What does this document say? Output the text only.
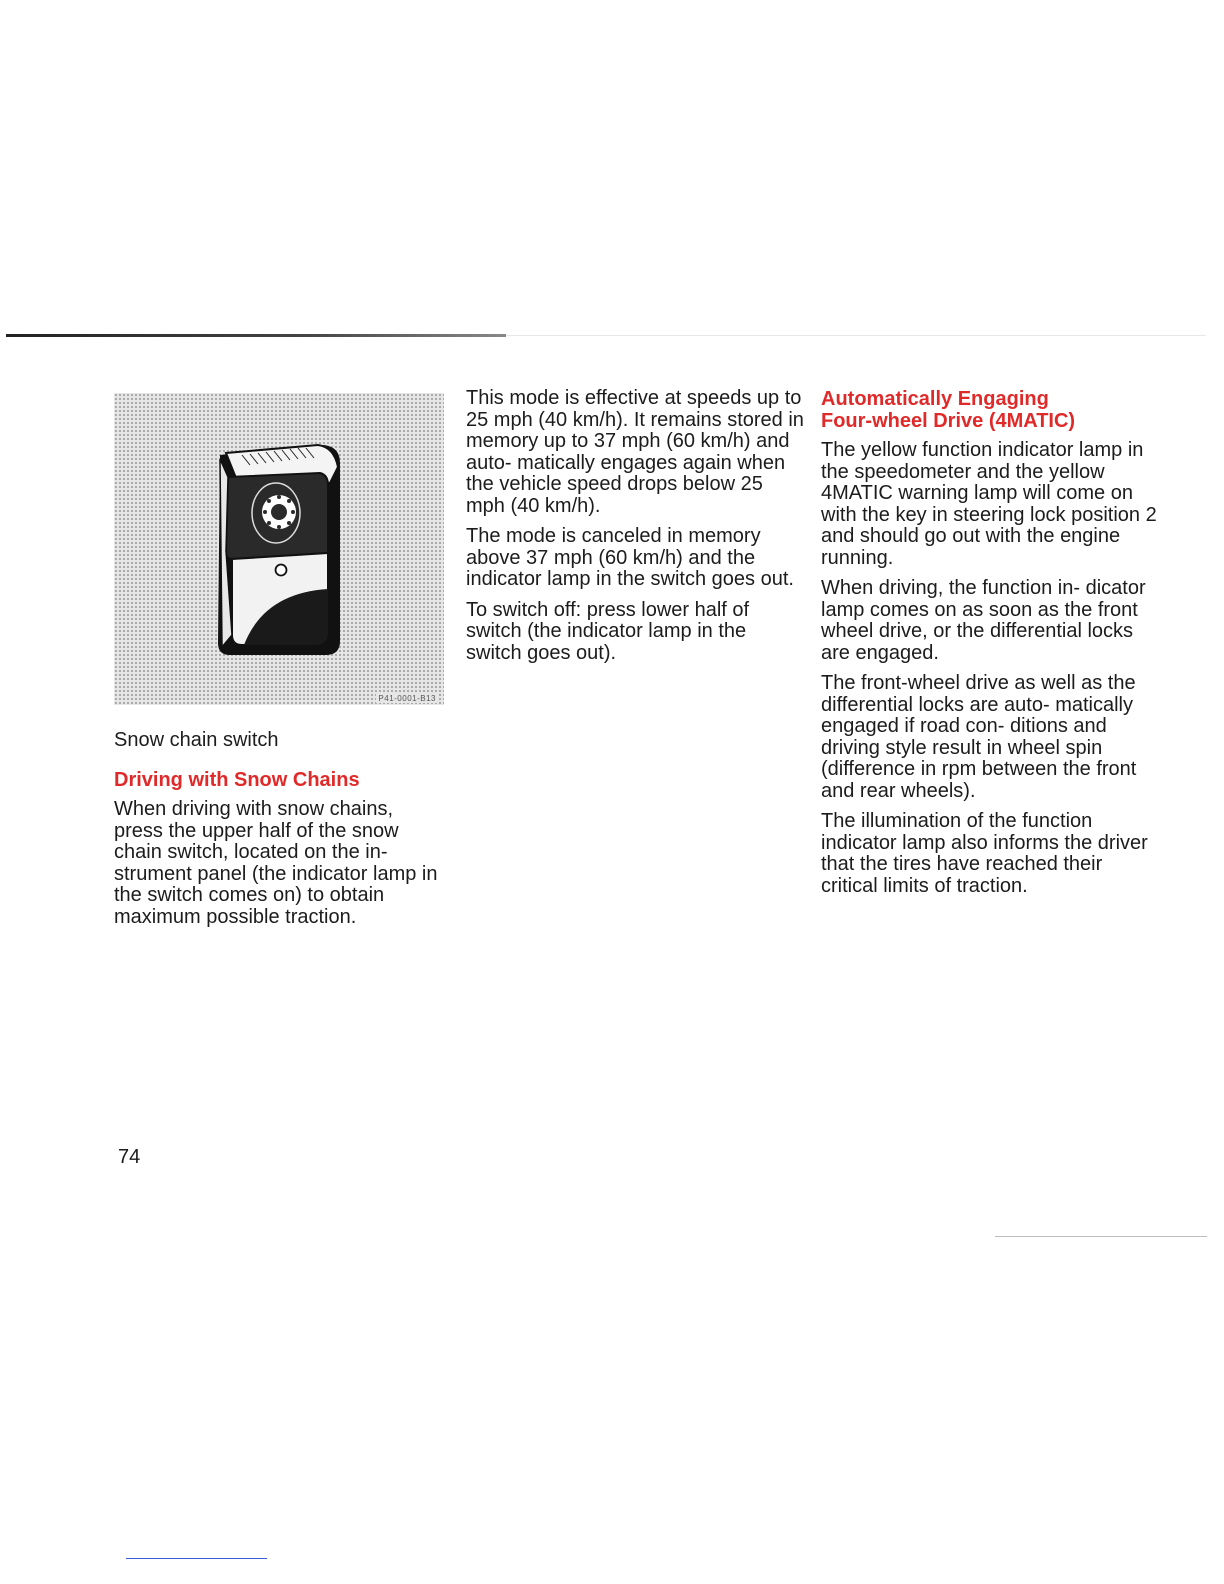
P41-0001-B13
Snow chain switch
Driving with Snow Chains

When driving with snow chains, press the upper half of the snow chain switch, located on the in- strument panel (the indicator lamp in the switch comes on) to obtain maximum possible traction.

This mode is effective at speeds up to 25 mph (40 km/h). It remains stored in memory up to 37 mph (60 km/h) and auto- matically engages again when the vehicle speed drops below 25 mph (40 km/h).

The mode is canceled in memory above 37 mph (60 km/h) and the indicator lamp in the switch goes out.

To switch off: press lower half of switch (the indicator lamp in the switch goes out).

Automatically Engaging
Four-wheel Drive (4MATIC)

The yellow function indicator lamp in the speedometer and the yellow 4MATIC warning lamp will come on with the key in steering lock position 2 and should go out with the engine running.

When driving, the function in- dicator lamp comes on as soon as the front wheel drive, or the differential locks are engaged.

The front-wheel drive as well as the differential locks are auto- matically engaged if road con- ditions and driving style result in wheel spin (difference in rpm between the front and rear wheels).

The illumination of the function indicator lamp also informs the driver that the tires have reached their critical limits of traction.

74
